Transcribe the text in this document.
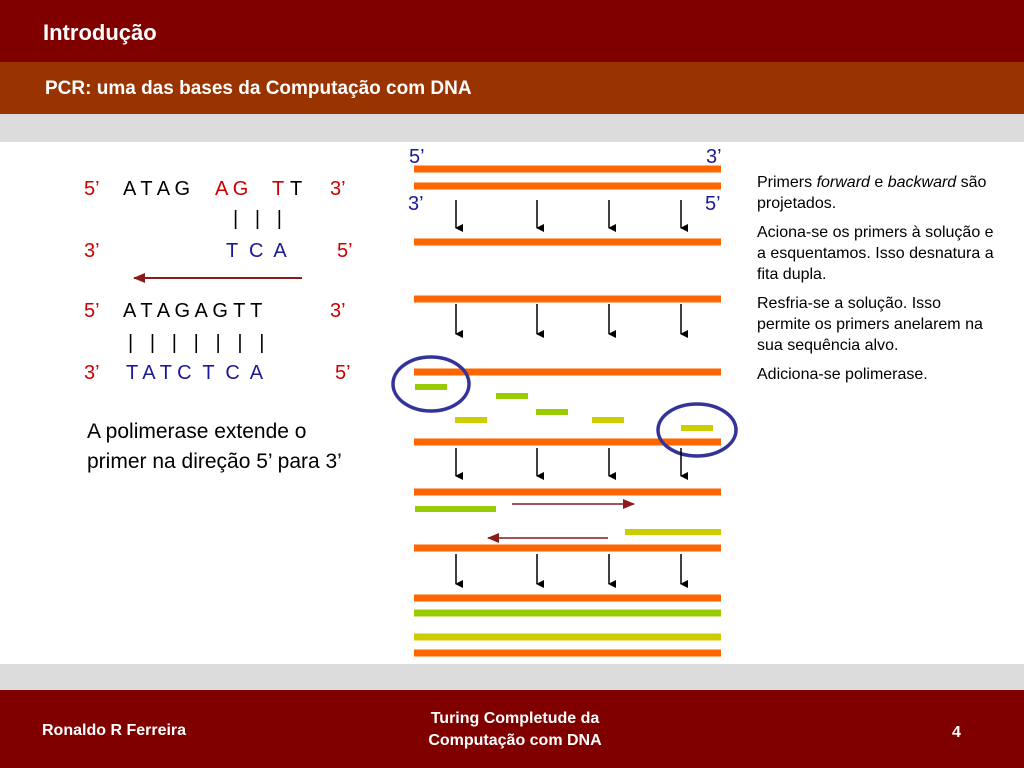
Introdução
PCR: uma das bases da Computação com DNA
5’ A T A G A G T T 3’
|   |   |
3’	T  C  A	5’
5’ A T A G A G T T	3’
|   |   |   |   |   |   |
3’ T A T C  T  C  A	5’
A polimerase extende o
primer na direção 5’ para 3’
5’	3’
3’	5’

Primers forward e backward são projetados.

Aciona-se os primers à solução e a esquentamos. Isso desnatura a fita dupla.

Resfria-se a solução. Isso permite os primers anelarem na sua sequência alvo.

Adiciona-se polimerase.

Ronaldo R Ferreira
Turing Completude da
Computação com DNA	4
